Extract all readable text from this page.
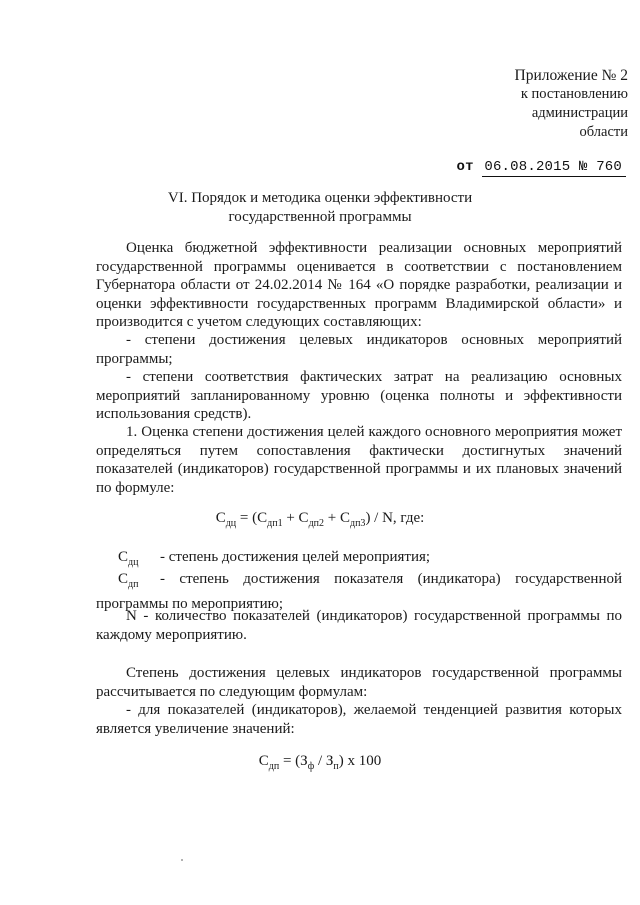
Приложение № 2
к постановлению
администрации
области
от 06.08.2015 № 760
VI. Порядок и методика оценки эффективности
государственной программы
Оценка бюджетной эффективности реализации основных мероприятий государственной программы оценивается в соответствии с постановлением Губернатора области от 24.02.2014 № 164 «О порядке разработки, реализации и оценки эффективности государственных программ Владимирской области» и производится с учетом следующих составляющих:
- степени достижения целевых индикаторов основных мероприятий программы;
- степени соответствия фактических затрат на реализацию основных мероприятий запланированному уровню (оценка полноты и эффективности использования средств).
1. Оценка степени достижения целей каждого основного мероприятия может определяться путем сопоставления фактически достигнутых значений показателей (индикаторов) государственной программы и их плановых значений по формуле:
$С_{дц} = (С_{дп1} + С_{дп2} + С_{дп3}) / N$, где:
$С_{дц}$ - степень достижения целей мероприятия;
$С_{дп}$ - степень достижения показателя (индикатора) государственной программы по мероприятию;
N - количество показателей (индикаторов) государственной программы по каждому мероприятию.
Степень достижения целевых индикаторов государственной программы рассчитывается по следующим формулам:
- для показателей (индикаторов), желаемой тенденцией развития которых является увеличение значений:
$С_{дп} = (З_ф / З_п)$ х 100
